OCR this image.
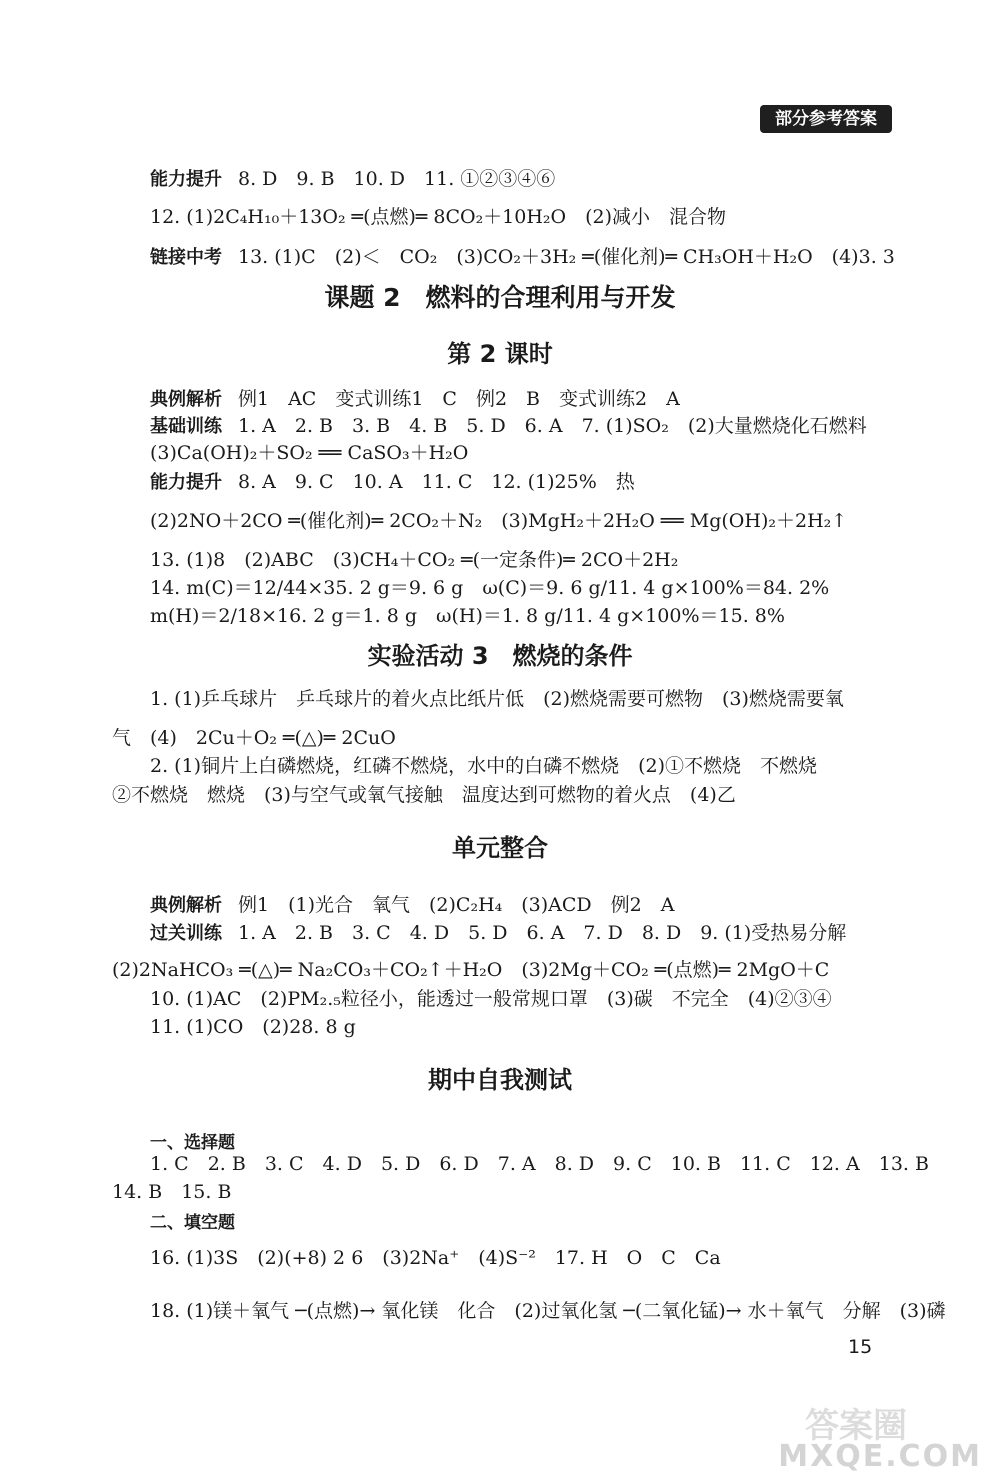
部分参考答案
能力提升 8. D　9. B　10. D　11. ①②③④⑥
12. (1)2C₄H₁₀＋13O₂ ═(点燃)═ 8CO₂＋10H₂O　(2)减小　混合物
链接中考 13. (1)C　(2)＜　CO₂　(3)CO₂＋3H₂ ═(催化剂)═ CH₃OH＋H₂O　(4)3. 3
课题 2　燃料的合理利用与开发
第 2 课时
典例解析 例1　AC　变式训练1　C　例2　B　变式训练2　A
基础训练 1. A　2. B　3. B　4. B　5. D　6. A　7. (1)SO₂　(2)大量燃烧化石燃料
(3)Ca(OH)₂＋SO₂ ══ CaSO₃＋H₂O
能力提升 8. A　9. C　10. A　11. C　12. (1)25%　热
(2)2NO＋2CO ═(催化剂)═ 2CO₂＋N₂　(3)MgH₂＋2H₂O ══ Mg(OH)₂＋2H₂↑
13. (1)8　(2)ABC　(3)CH₄＋CO₂ ═(一定条件)═ 2CO＋2H₂
14. m(C)＝12/44×35. 2 g＝9. 6 g　ω(C)＝9. 6 g/11. 4 g×100%＝84. 2%
m(H)＝2/18×16. 2 g＝1. 8 g　ω(H)＝1. 8 g/11. 4 g×100%＝15. 8%
实验活动 3　燃烧的条件
1. (1)乒乓球片　乒乓球片的着火点比纸片低　(2)燃烧需要可燃物　(3)燃烧需要氧
气　(4)　2Cu＋O₂ ═(△)═ 2CuO
2. (1)铜片上白磷燃烧，红磷不燃烧，水中的白磷不燃烧　(2)①不燃烧　不燃烧
②不燃烧　燃烧　(3)与空气或氧气接触　温度达到可燃物的着火点　(4)乙
单元整合
典例解析 例1　(1)光合　氧气　(2)C₂H₄　(3)ACD　例2　A
过关训练 1. A　2. B　3. C　4. D　5. D　6. A　7. D　8. D　9. (1)受热易分解
(2)2NaHCO₃ ═(△)═ Na₂CO₃＋CO₂↑＋H₂O　(3)2Mg＋CO₂ ═(点燃)═ 2MgO＋C
10. (1)AC　(2)PM₂.₅粒径小，能透过一般常规口罩　(3)碳　不完全　(4)②③④
11. (1)CO　(2)28. 8 g
期中自我测试
一、选择题
1. C　2. B　3. C　4. D　5. D　6. D　7. A　8. D　9. C　10. B　11. C　12. A　13. B
14. B　15. B
二、填空题
16. (1)3S　(2)(+8) 2 6　(3)2Na⁺　(4)S⁻²　17. H　O　C　Ca
18. (1)镁＋氧气 ─(点燃)→ 氧化镁　化合　(2)过氧化氢 ─(二氧化锰)→ 水＋氧气　分解　(3)磷
15
答案圈
MXQE.COM
